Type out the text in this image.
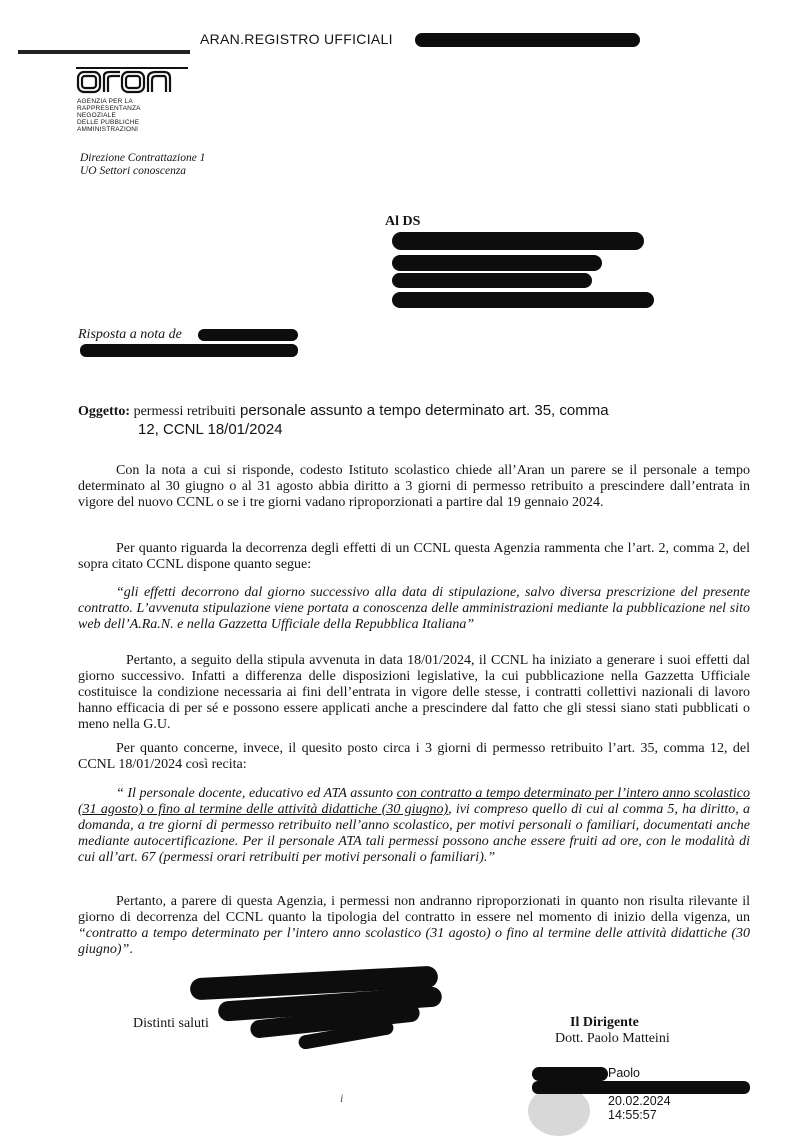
ARAN.REGISTRO UFFICIALI
AGENZIA PER LA
RAPPRESENTANZA
NEGOZIALE
DELLE PUBBLICHE
AMMINISTRAZIONI
Direzione Contrattazione 1
UO Settori conoscenza
Al DS
Risposta a nota de
Oggetto: permessi retribuiti personale assunto a tempo determinato art. 35, comma
12, CCNL 18/01/2024
Con la nota a cui si risponde, codesto Istituto scolastico chiede all’Aran un parere se il personale a tempo determinato al 30 giugno o al 31 agosto abbia diritto a 3 giorni di permesso retribuito a prescindere dall’entrata in vigore del nuovo CCNL o se i tre giorni vadano riproporzionati a partire dal 19 gennaio 2024.
Per quanto riguarda la decorrenza degli effetti di un CCNL questa Agenzia rammenta che l’art. 2, comma 2, del sopra citato CCNL dispone quanto segue:
“gli effetti decorrono dal giorno successivo alla data di stipulazione, salvo diversa prescrizione del presente contratto. L’avvenuta stipulazione viene portata a conoscenza delle amministrazioni mediante la pubblicazione nel sito web dell’A.Ra.N. e nella Gazzetta Ufficiale della Repubblica Italiana”
Pertanto, a seguito della stipula avvenuta in data 18/01/2024, il CCNL ha iniziato a generare i suoi effetti dal giorno successivo. Infatti a differenza delle disposizioni legislative, la cui pubblicazione nella Gazzetta Ufficiale costituisce la condizione necessaria ai fini dell’entrata in vigore delle stesse, i contratti collettivi nazionali di lavoro hanno efficacia di per sé e possono essere applicati anche a prescindere dal fatto che gli stessi siano stati pubblicati o meno nella G.U.
Per quanto concerne, invece, il quesito posto circa i 3 giorni di permesso retribuito l’art. 35, comma 12, del CCNL 18/01/2024 così recita:
“ Il personale docente, educativo ed ATA assunto con contratto a tempo determinato per l’intero anno scolastico (31 agosto) o fino al termine delle attività didattiche (30 giugno), ivi compreso quello di cui al comma 5, ha diritto, a domanda, a tre giorni di permesso retribuito nell’anno scolastico, per motivi personali o familiari, documentati anche mediante autocertificazione. Per il personale ATA tali permessi possono anche essere fruiti ad ore, con le modalità di cui all’art. 67 (permessi orari retribuiti per motivi personali o familiari).”
Pertanto, a parere di questa Agenzia, i permessi non andranno riproporzionati in quanto non risulta rilevante il giorno di decorrenza del CCNL quanto la tipologia del contratto in essere nel momento di inizio della vigenza, un “contratto a tempo determinato per l’intero anno scolastico (31 agosto) o fino al termine delle attività didattiche (30 giugno)”.
Distinti saluti	Il Dirigente
Dott. Paolo Matteini
i
Paolo
20.02.2024
14:55:57
